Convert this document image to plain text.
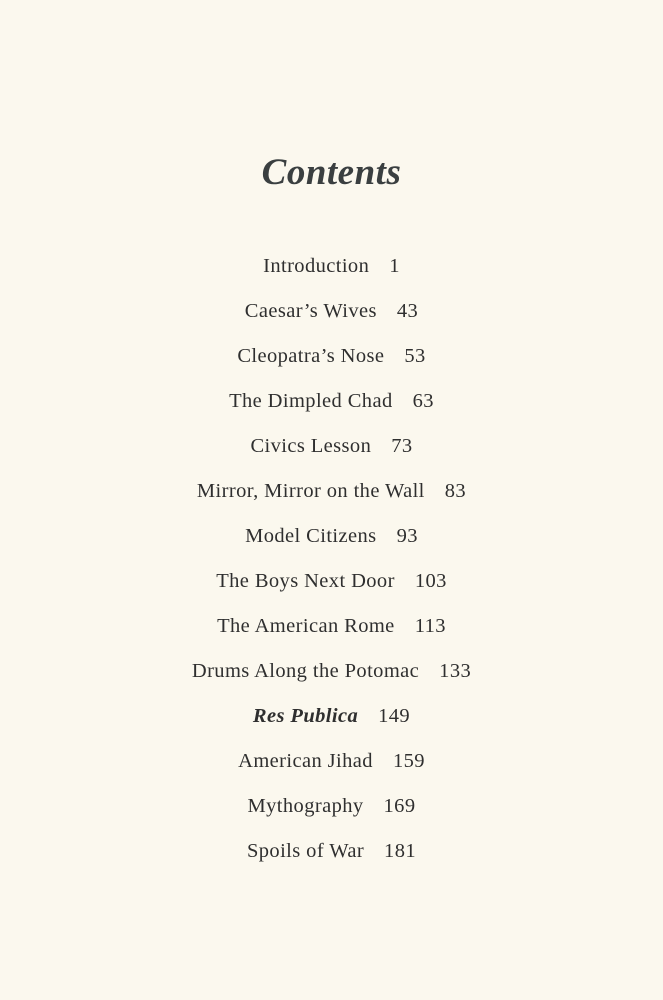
Contents
Introduction 1
Caesar’s Wives 43
Cleopatra’s Nose 53
The Dimpled Chad 63
Civics Lesson 73
Mirror, Mirror on the Wall 83
Model Citizens 93
The Boys Next Door 103
The American Rome 113
Drums Along the Potomac 133
Res Publica 149
American Jihad 159
Mythography 169
Spoils of War 181
